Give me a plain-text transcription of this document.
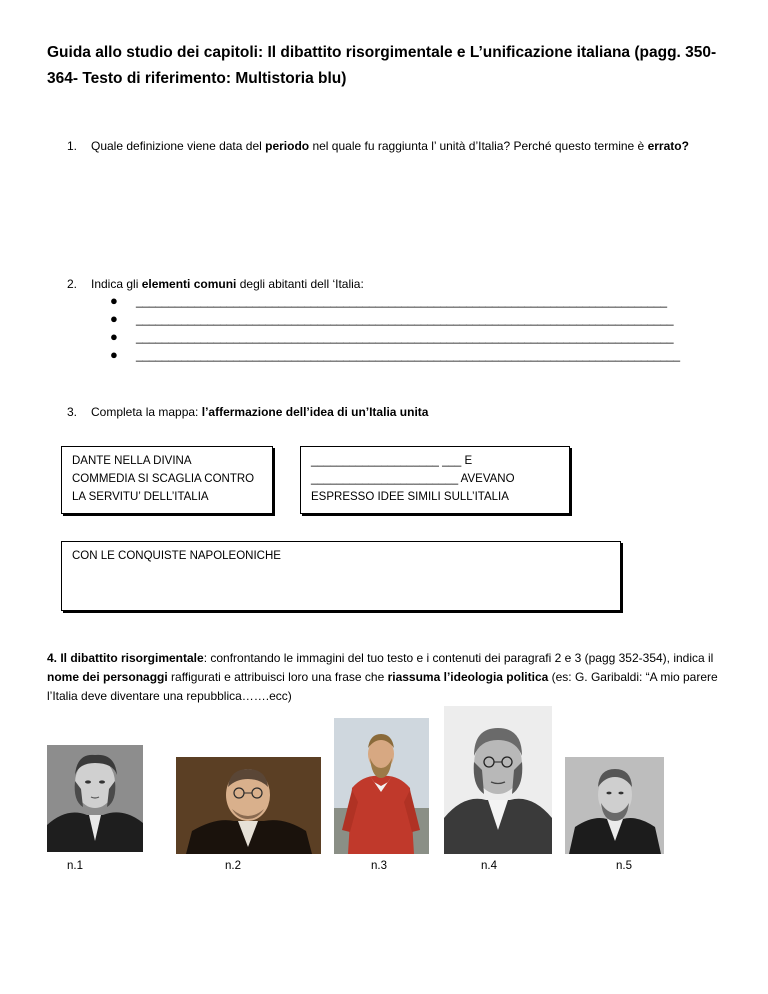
Guida allo studio dei capitoli: Il dibattito risorgimentale e L’unificazione italiana (pagg. 350-364- Testo di riferimento: Multistoria blu)
1.	Quale definizione viene data del periodo nel quale fu raggiunta l’ unità d’Italia? Perché questo termine è errato?
2.	Indica gli elementi comuni degli abitanti dell ‘Italia:
● __________________________________________________________________________________
● ___________________________________________________________________________________
● ___________________________________________________________________________________
● ____________________________________________________________________________________
3.	Completa la mappa: l’affermazione dell’idea di un’Italia unita
DANTE NELLA DIVINA
COMMEDIA SI SCAGLIA CONTRO
LA SERVITU’ DELL’ITALIA
____________________ ___ E
_______________________ AVEVANO
ESPRESSO IDEE SIMILI SULL’ITALIA
CON LE CONQUISTE NAPOLEONICHE
4. Il dibattito risorgimentale: confrontando le immagini del tuo testo e i contenuti dei paragrafi 2 e 3 (pagg 352-354), indica il nome dei personaggi raffigurati e attribuisci loro una frase che riassuma l’ideologia politica (es: G. Garibaldi: “A mio parere l’Italia deve diventare una repubblica…….ecc)
n.1	n.2	n.3	n.4	n.5
